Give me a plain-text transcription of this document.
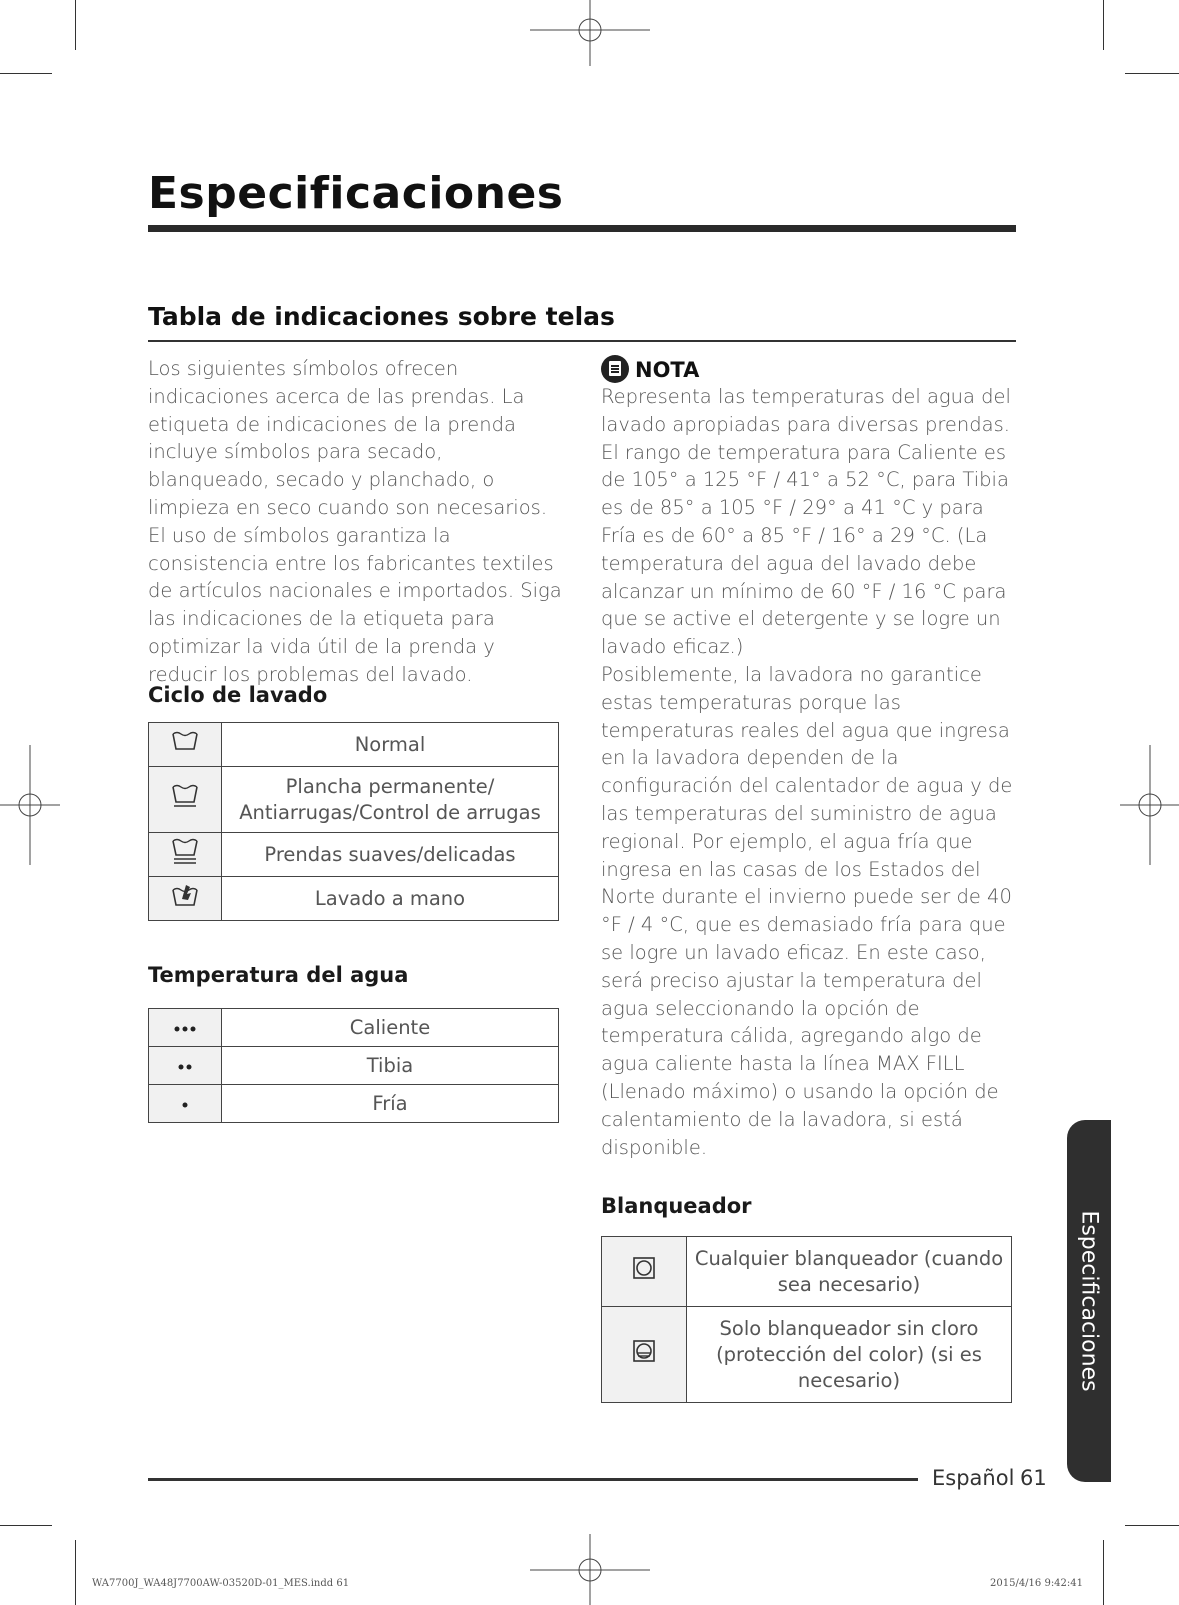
Especificaciones
Tabla de indicaciones sobre telas
Los siguientes símbolos ofrecen indicaciones acerca de las prendas. La etiqueta de indicaciones de la prenda incluye símbolos para secado, blanqueado, secado y planchado, o limpieza en seco cuando son necesarios. El uso de símbolos garantiza la consistencia entre los fabricantes textiles de artículos nacionales e importados. Siga las indicaciones de la etiqueta para optimizar la vida útil de la prenda y reducir los problemas del lavado.
Ciclo de lavado
	Normal
	Plancha permanente/
Antiarrugas/Control de arrugas
	Prendas suaves/delicadas
	Lavado a mano
Temperatura del agua
	Caliente
	Tibia
	Fría
NOTA
Representa las temperaturas del agua del lavado apropiadas para diversas prendas. El rango de temperatura para Caliente es de 105° a 125 °F / 41° a 52 °C, para Tibia es de 85° a 105 °F / 29° a 41 °C y para Fría es de 60° a 85 °F / 16° a 29 °C. (La temperatura del agua del lavado debe alcanzar un mínimo de 60 °F / 16 °C para que se active el detergente y se logre un lavado eficaz.)
Posiblemente, la lavadora no garantice estas temperaturas porque las temperaturas reales del agua que ingresa en la lavadora dependen de la configuración del calentador de agua y de las temperaturas del suministro de agua regional. Por ejemplo, el agua fría que ingresa en las casas de los Estados del Norte durante el invierno puede ser de 40 °F / 4 °C, que es demasiado fría para que se logre un lavado eficaz. En este caso, será preciso ajustar la temperatura del agua seleccionando la opción de temperatura cálida, agregando algo de agua caliente hasta la línea MAX FILL (Llenado máximo) o usando la opción de calentamiento de la lavadora, si está disponible.
Blanqueador
	Cualquier blanqueador (cuando
sea necesario)
	Solo blanqueador sin cloro
(protección del color) (si es
necesario)	Especificaciones
Español 61
WA7700J_WA48J7700AW-03520D-01_MES.indd 61	2015/4/16 9:42:41
